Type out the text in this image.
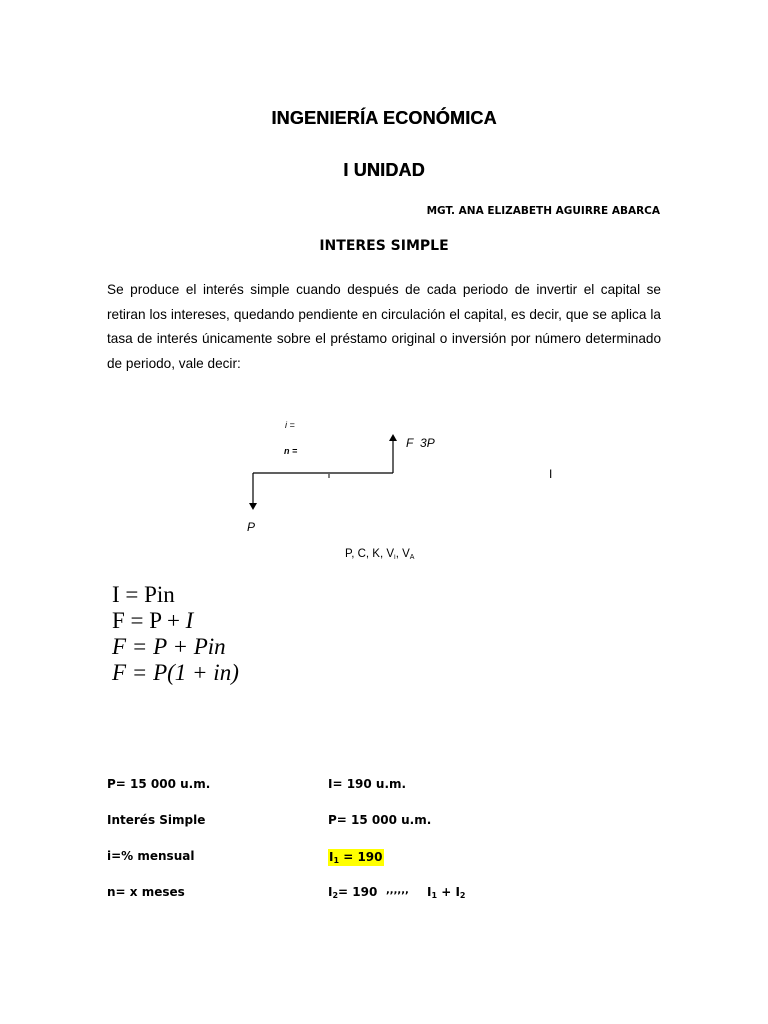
INGENIERÍA ECONÓMICA
I UNIDAD
MGT. ANA ELIZABETH AGUIRRE ABARCA
INTERES SIMPLE
Se produce el interés simple cuando después de cada periodo de invertir el capital se retiran los intereses, quedando pendiente en circulación el capital, es decir, que se aplica la tasa de interés únicamente sobre el préstamo original o inversión por número determinado de periodo, vale decir:
i =
n =
F 3P
I
P
P, C, K, $V_I$, $V_A$
I = Pin
F = P + I
F = P + Pin
F = P(1 + in)
P= 15 000 u.m.	I= 190 u.m.
Interés Simple	P= 15 000 u.m.
i=% mensual	$I_1 = 190$
n= x meses	$I_2= 190$ ,,,,,, $I_1 + I_2$
